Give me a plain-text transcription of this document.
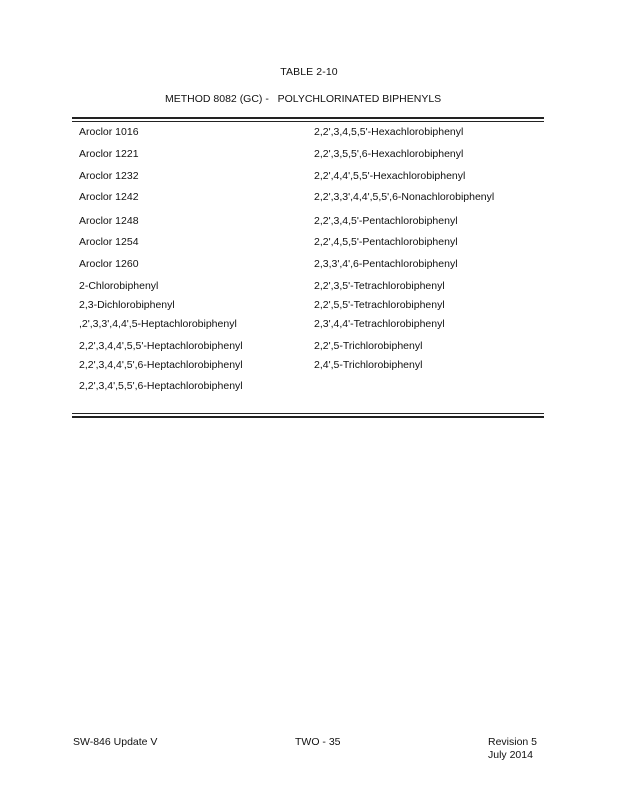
TABLE 2-10
METHOD 8082 (GC) -   POLYCHLORINATED BIPHENYLS
Aroclor 1016
Aroclor 1221
Aroclor 1232
Aroclor 1242
Aroclor 1248
Aroclor 1254
Aroclor 1260
2-Chlorobiphenyl
2,3-Dichlorobiphenyl
,2',3,3',4,4',5-Heptachlorobiphenyl
2,2',3,4,4',5,5'-Heptachlorobiphenyl
2,2',3,4,4',5',6-Heptachlorobiphenyl
2,2',3,4',5,5',6-Heptachlorobiphenyl
2,2',3,4,5,5'-Hexachlorobiphenyl
2,2',3,5,5',6-Hexachlorobiphenyl
2,2',4,4',5,5'-Hexachlorobiphenyl
2,2',3,3',4,4',5,5',6-Nonachlorobiphenyl
2,2',3,4,5'-Pentachlorobiphenyl
2,2',4,5,5'-Pentachlorobiphenyl
2,3,3',4',6-Pentachlorobiphenyl
2,2',3,5'-Tetrachlorobiphenyl
2,2',5,5'-Tetrachlorobiphenyl
2,3',4,4'-Tetrachlorobiphenyl
2,2',5-Trichlorobiphenyl
2,4',5-Trichlorobiphenyl
SW-846 Update V	TWO - 35	Revision 5
July 2014
